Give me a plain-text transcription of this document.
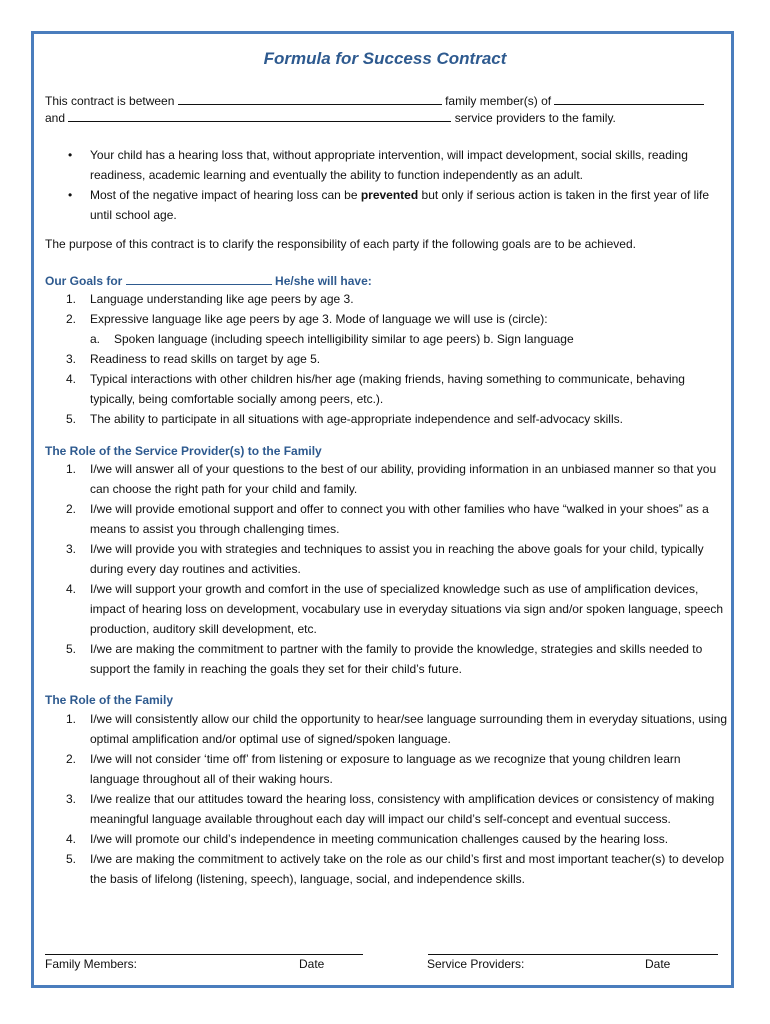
Formula for Success Contract
This contract is between	family member(s) of
and	service providers to the family.
• Your child has a hearing loss that, without appropriate intervention, will impact development, social skills, reading readiness, academic learning and eventually the ability to function independently as an adult.
• Most of the negative impact of hearing loss can be prevented but only if serious action is taken in the first year of life until school age.
The purpose of this contract is to clarify the responsibility of each party if the following goals are to be achieved.
Our Goals for	He/she will have:
1. Language understanding like age peers by age 3.
2. Expressive language like age peers by age 3. Mode of language we will use is (circle):
a. Spoken language (including speech intelligibility similar to age peers) b. Sign language
3. Readiness to read skills on target by age 5.
4. Typical interactions with other children his/her age (making friends, having something to communicate, behaving typically, being comfortable socially among peers, etc.).
5. The ability to participate in all situations with age-appropriate independence and self-advocacy skills.
The Role of the Service Provider(s) to the Family
1. I/we will answer all of your questions to the best of our ability, providing information in an unbiased manner so that you can choose the right path for your child and family.
2. I/we will provide emotional support and offer to connect you with other families who have “walked in your shoes” as a means to assist you through challenging times.
3. I/we will provide you with strategies and techniques to assist you in reaching the above goals for your child, typically during every day routines and activities.
4. I/we will support your growth and comfort in the use of specialized knowledge such as use of amplification devices, impact of hearing loss on development, vocabulary use in everyday situations via sign and/or spoken language, speech production, auditory skill development, etc.
5. I/we are making the commitment to partner with the family to provide the knowledge, strategies and skills needed to support the family in reaching the goals they set for their child’s future.
The Role of the Family
1. I/we will consistently allow our child the opportunity to hear/see language surrounding them in everyday situations, using optimal amplification and/or optimal use of signed/spoken language.
2. I/we will not consider ‘time off’ from listening or exposure to language as we recognize that young children learn language throughout all of their waking hours.
3. I/we realize that our attitudes toward the hearing loss, consistency with amplification devices or consistency of making meaningful language available throughout each day will impact our child’s self-concept and eventual success.
4. I/we will promote our child’s independence in meeting communication challenges caused by the hearing loss.
5. I/we are making the commitment to actively take on the role as our child’s first and most important teacher(s) to develop the basis of lifelong (listening, speech), language, social, and independence skills.
Family Members:	Date	Service Providers:	Date
